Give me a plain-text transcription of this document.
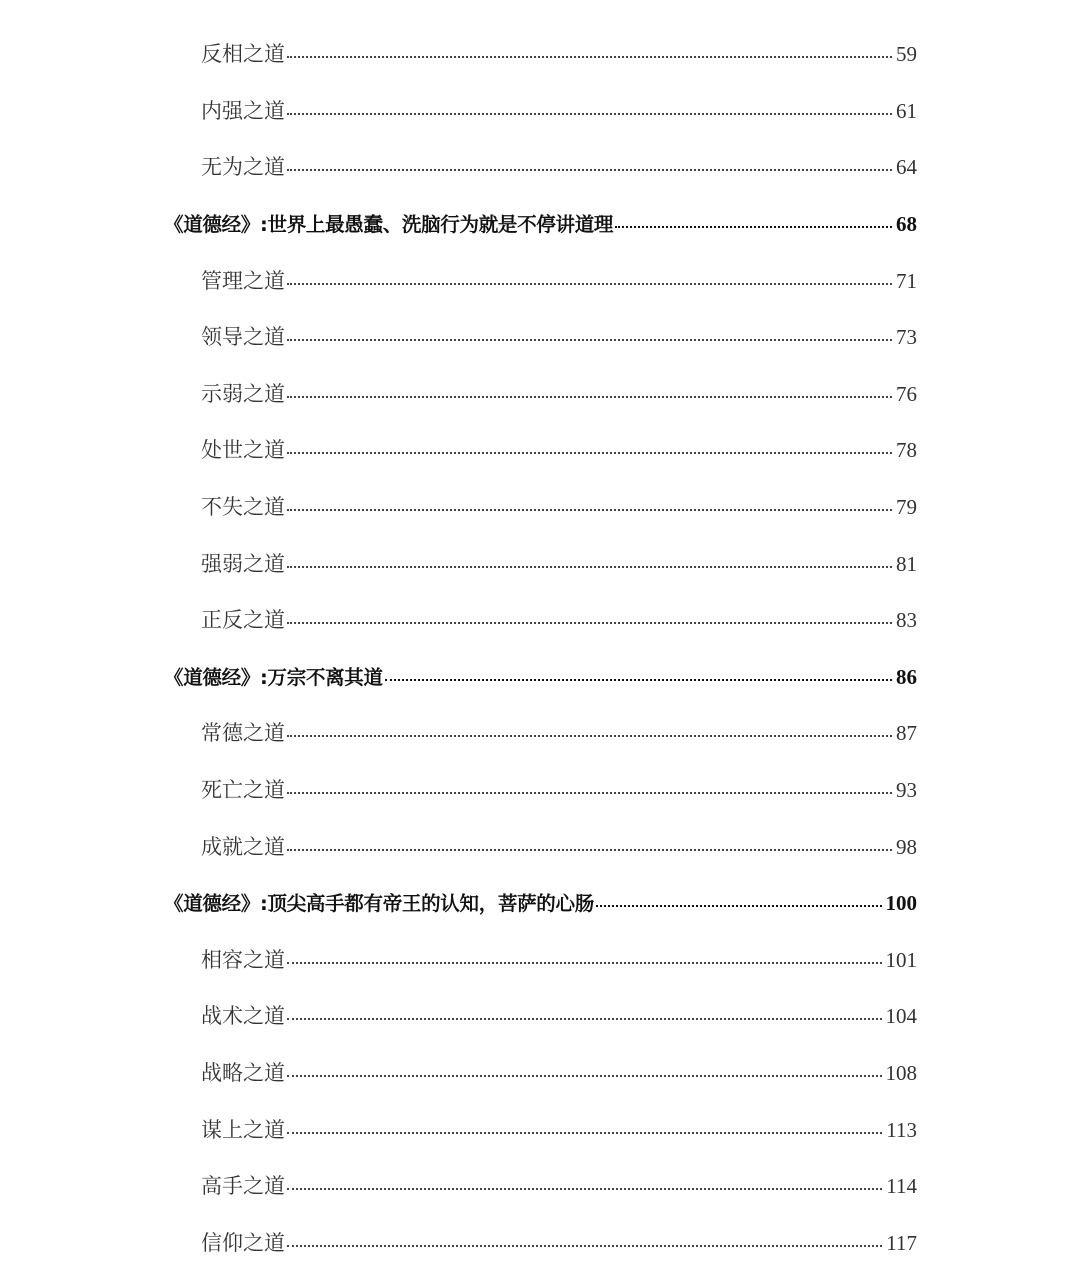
反相之道	59
内强之道	61
无为之道	64
《道德经》:世界上最愚蠢、洗脑行为就是不停讲道理	68
管理之道	71
领导之道	73
示弱之道	76
处世之道	78
不失之道	79
强弱之道	81
正反之道	83
《道德经》:万宗不离其道	86
常德之道	87
死亡之道	93
成就之道	98
《道德经》:顶尖高手都有帝王的认知，菩萨的心肠	100
相容之道	101
战术之道	104
战略之道	108
谋上之道	113
高手之道	114
信仰之道	117
